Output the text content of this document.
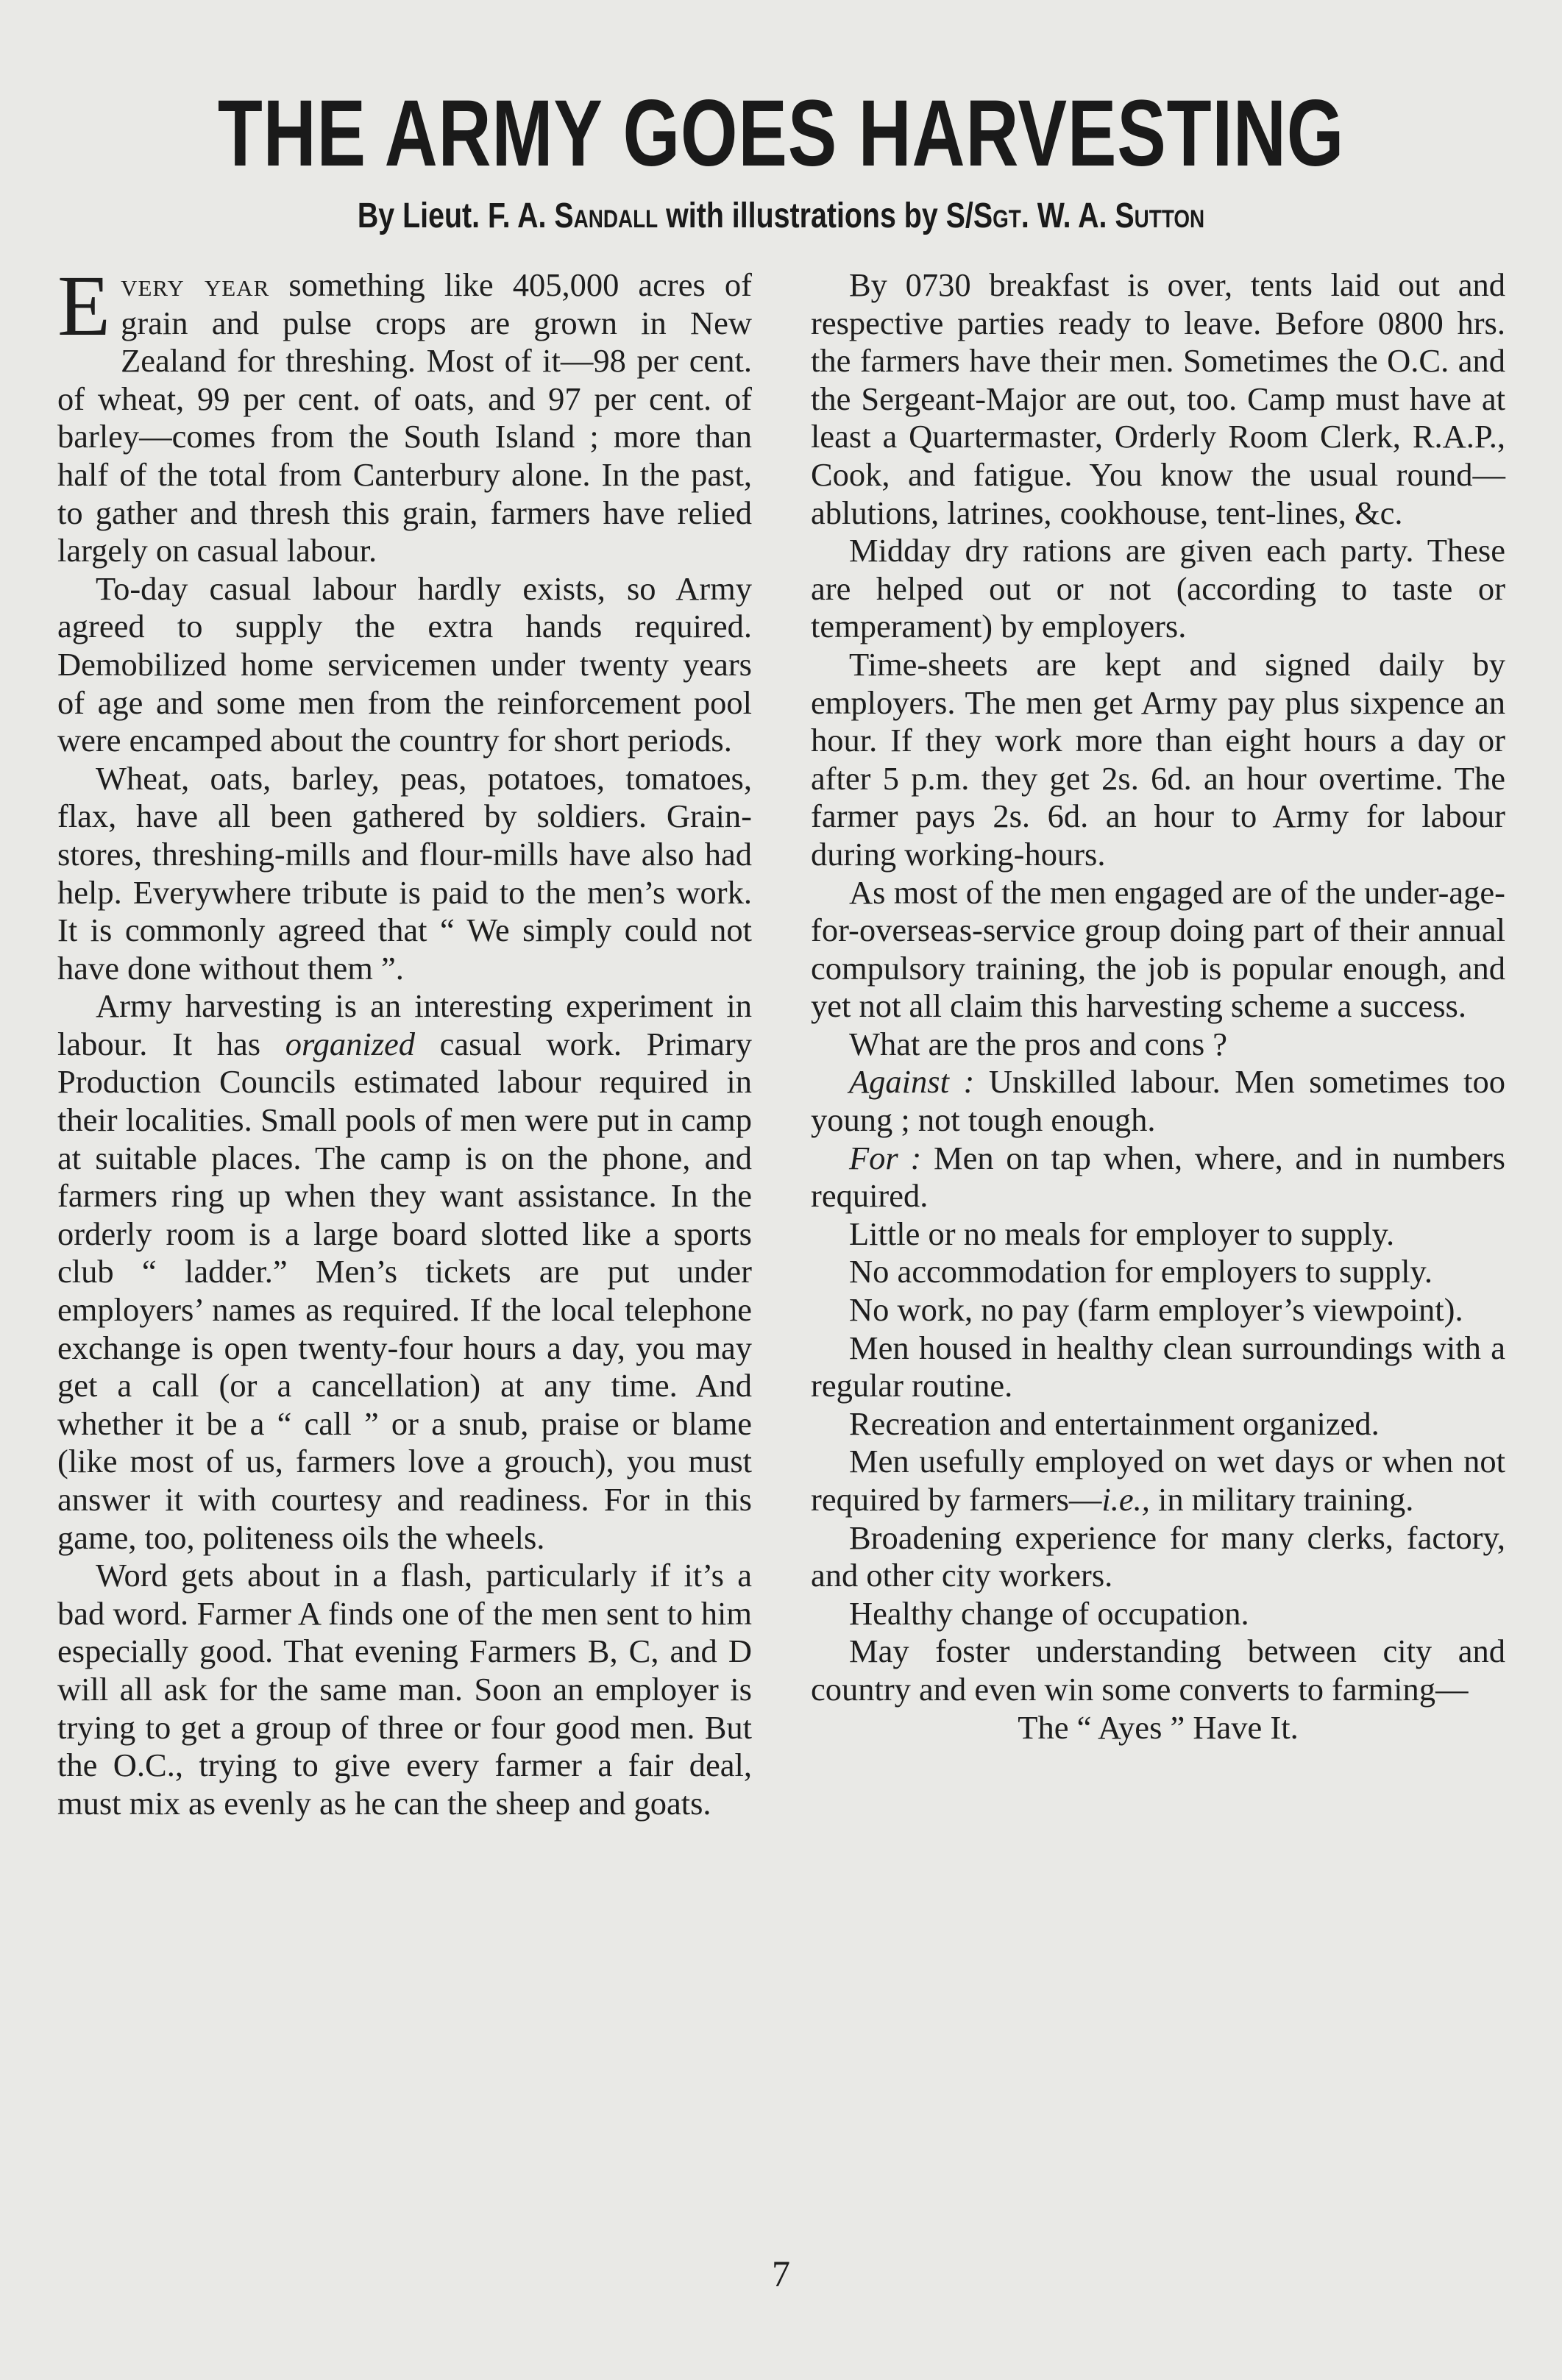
THE ARMY GOES HARVESTING
By Lieut. F. A. Sandall with illustrations by S/Sgt. W. A. Sutton

Every year something like 405,000 acres of grain and pulse crops are grown in New Zealand for threshing. Most of it—98 per cent. of wheat, 99 per cent. of oats, and 97 per cent. of barley—comes from the South Island ; more than half of the total from Canterbury alone. In the past, to gather and thresh this grain, farmers have relied largely on casual labour.

To-day casual labour hardly exists, so Army agreed to supply the extra hands required. Demobilized home servicemen under twenty years of age and some men from the reinforcement pool were encamped about the country for short periods.

Wheat, oats, barley, peas, potatoes, tomatoes, flax, have all been gathered by soldiers. Grain-stores, threshing-mills and flour-mills have also had help. Everywhere tribute is paid to the men’s work. It is commonly agreed that “ We simply could not have done without them ”.

Army harvesting is an interesting experiment in labour. It has organized casual work. Primary Production Councils estimated labour required in their localities. Small pools of men were put in camp at suitable places. The camp is on the phone, and farmers ring up when they want assistance. In the orderly room is a large board slotted like a sports club “ ladder.” Men’s tickets are put under employers’ names as required. If the local telephone exchange is open twenty-four hours a day, you may get a call (or a cancellation) at any time. And whether it be a “ call ” or a snub, praise or blame (like most of us, farmers love a grouch), you must answer it with courtesy and readiness. For in this game, too, politeness oils the wheels.

Word gets about in a flash, particularly if it’s a bad word. Farmer A finds one of the men sent to him especially good. That evening Farmers B, C, and D will all ask for the same man. Soon an employer is trying to get a group of three or four good men. But the O.C., trying to give every farmer a fair deal, must mix as evenly as he can the sheep and goats.

By 0730 breakfast is over, tents laid out and respective parties ready to leave. Before 0800 hrs. the farmers have their men. Sometimes the O.C. and the Sergeant-Major are out, too. Camp must have at least a Quartermaster, Orderly Room Clerk, R.A.P., Cook, and fatigue. You know the usual round—ablutions, latrines, cookhouse, tent-lines, &c.

Midday dry rations are given each party. These are helped out or not (according to taste or temperament) by employers.

Time-sheets are kept and signed daily by employers. The men get Army pay plus sixpence an hour. If they work more than eight hours a day or after 5 p.m. they get 2s. 6d. an hour overtime. The farmer pays 2s. 6d. an hour to Army for labour during working-hours.

As most of the men engaged are of the under-age-for-overseas-service group doing part of their annual compulsory training, the job is popular enough, and yet not all claim this harvesting scheme a success.

What are the pros and cons ?

Against : Unskilled labour. Men sometimes too young ; not tough enough.

For : Men on tap when, where, and in numbers required.

Little or no meals for employer to supply.

No accommodation for employers to supply.

No work, no pay (farm employer’s viewpoint).

Men housed in healthy clean surroundings with a regular routine.

Recreation and entertainment organized.

Men usefully employed on wet days or when not required by farmers—i.e., in military training.

Broadening experience for many clerks, factory, and other city workers.

Healthy change of occupation.

May foster understanding between city and country and even win some converts to farming—

The “ Ayes ” Have It.

7
